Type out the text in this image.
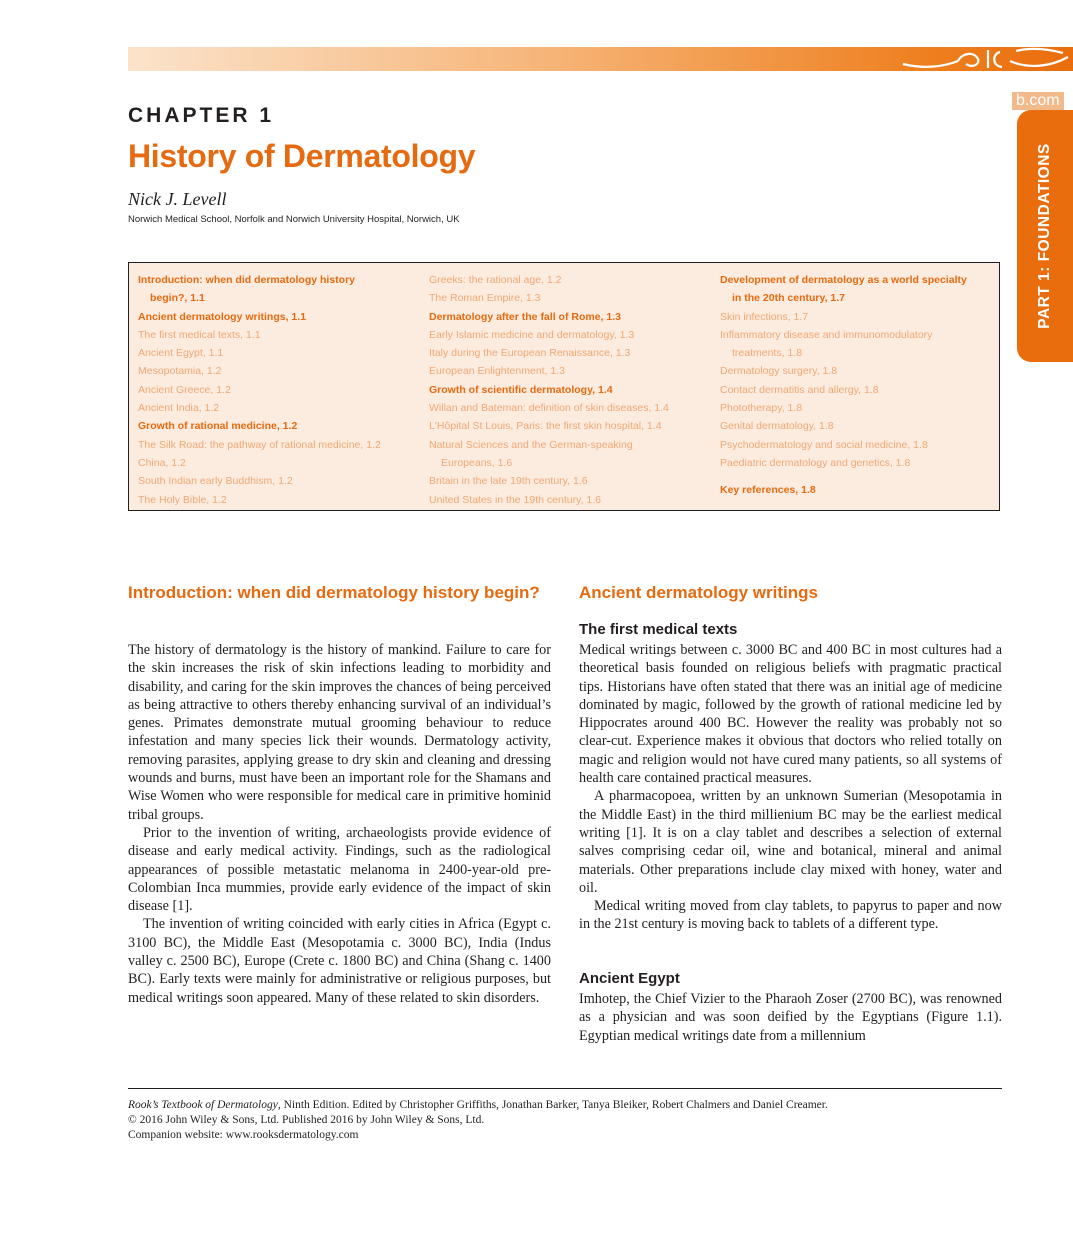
b.com
PART 1: FOUNDATIONS
CHAPTER 1
History of Dermatology
Nick J. Levell
Norwich Medical School, Norfolk and Norwich University Hospital, Norwich, UK
Introduction: when did dermatology history
begin?, 1.1
Ancient dermatology writings, 1.1
The first medical texts, 1.1
Ancient Egypt, 1.1
Mesopotamia, 1.2
Ancient Greece, 1.2
Ancient India, 1.2
Growth of rational medicine, 1.2
The Silk Road: the pathway of rational medicine, 1.2
China, 1.2
South Indian early Buddhism, 1.2
The Holy Bible, 1.2
Greeks: the rational age, 1.2
The Roman Empire, 1.3
Dermatology after the fall of Rome, 1.3
Early Islamic medicine and dermatology, 1.3
Italy during the European Renaissance, 1.3
European Enlightenment, 1.3
Growth of scientific dermatology, 1.4
Willan and Bateman: definition of skin diseases, 1.4
L'Hôpital St Louis, Paris: the first skin hospital, 1.4
Natural Sciences and the German-speaking
Europeans, 1.6
Britain in the late 19th century, 1.6
United States in the 19th century, 1.6
Development of dermatology as a world specialty
in the 20th century, 1.7
Skin infections, 1.7
Inflammatory disease and immunomodulatory
treatments, 1.8
Dermatology surgery, 1.8
Contact dermatitis and allergy, 1.8
Phototherapy, 1.8
Genital dermatology, 1.8
Psychodermatology and social medicine, 1.8
Paediatric dermatology and genetics, 1.8
Key references, 1.8
Introduction: when did dermatology history begin?

The history of dermatology is the history of mankind. Failure to care for the skin increases the risk of skin infections leading to morbidity and disability, and caring for the skin improves the chances of being perceived as being attractive to others thereby enhancing survival of an individual’s genes. Primates demonstrate mutual grooming behaviour to reduce infestation and many species lick their wounds. Dermatology activity, removing parasites, applying grease to dry skin and cleaning and dressing wounds and burns, must have been an important role for the Shamans and Wise Women who were responsible for medical care in primitive hominid tribal groups.

Prior to the invention of writing, archaeologists provide evidence of disease and early medical activity. Findings, such as the radiological appearances of possible metastatic melanoma in 2400-year-old pre-Colombian Inca mummies, provide early evidence of the impact of skin disease [1].

The invention of writing coincided with early cities in Africa (Egypt c. 3100 BC), the Middle East (Mesopotamia c. 3000 BC), India (Indus valley c. 2500 BC), Europe (Crete c. 1800 BC) and China (Shang c. 1400 BC). Early texts were mainly for administrative or religious purposes, but medical writings soon appeared. Many of these related to skin disorders.

Ancient dermatology writings
The first medical texts

Medical writings between c. 3000 BC and 400 BC in most cultures had a theoretical basis founded on religious beliefs with pragmatic practical tips. Historians have often stated that there was an initial age of medicine dominated by magic, followed by the growth of rational medicine led by Hippocrates around 400 BC. However the reality was probably not so clear-cut. Experience makes it obvious that doctors who relied totally on magic and religion would not have cured many patients, so all systems of health care contained practical measures.

A pharmacopoea, written by an unknown Sumerian (Mesopotamia in the Middle East) in the third millienium BC may be the earliest medical writing [1]. It is on a clay tablet and describes a selection of external salves comprising cedar oil, wine and botanical, mineral and animal materials. Other preparations include clay mixed with honey, water and oil.

Medical writing moved from clay tablets, to papyrus to paper and now in the 21st century is moving back to tablets of a different type.

Ancient Egypt

Imhotep, the Chief Vizier to the Pharaoh Zoser (2700 BC), was renowned as a physician and was soon deified by the Egyptians (Figure 1.1). Egyptian medical writings date from a millennium

Rook’s Textbook of Dermatology, Ninth Edition. Edited by Christopher Griffiths, Jonathan Barker, Tanya Bleiker, Robert Chalmers and Daniel Creamer.
© 2016 John Wiley & Sons, Ltd. Published 2016 by John Wiley & Sons, Ltd.
Companion website: www.rooksdermatology.com
